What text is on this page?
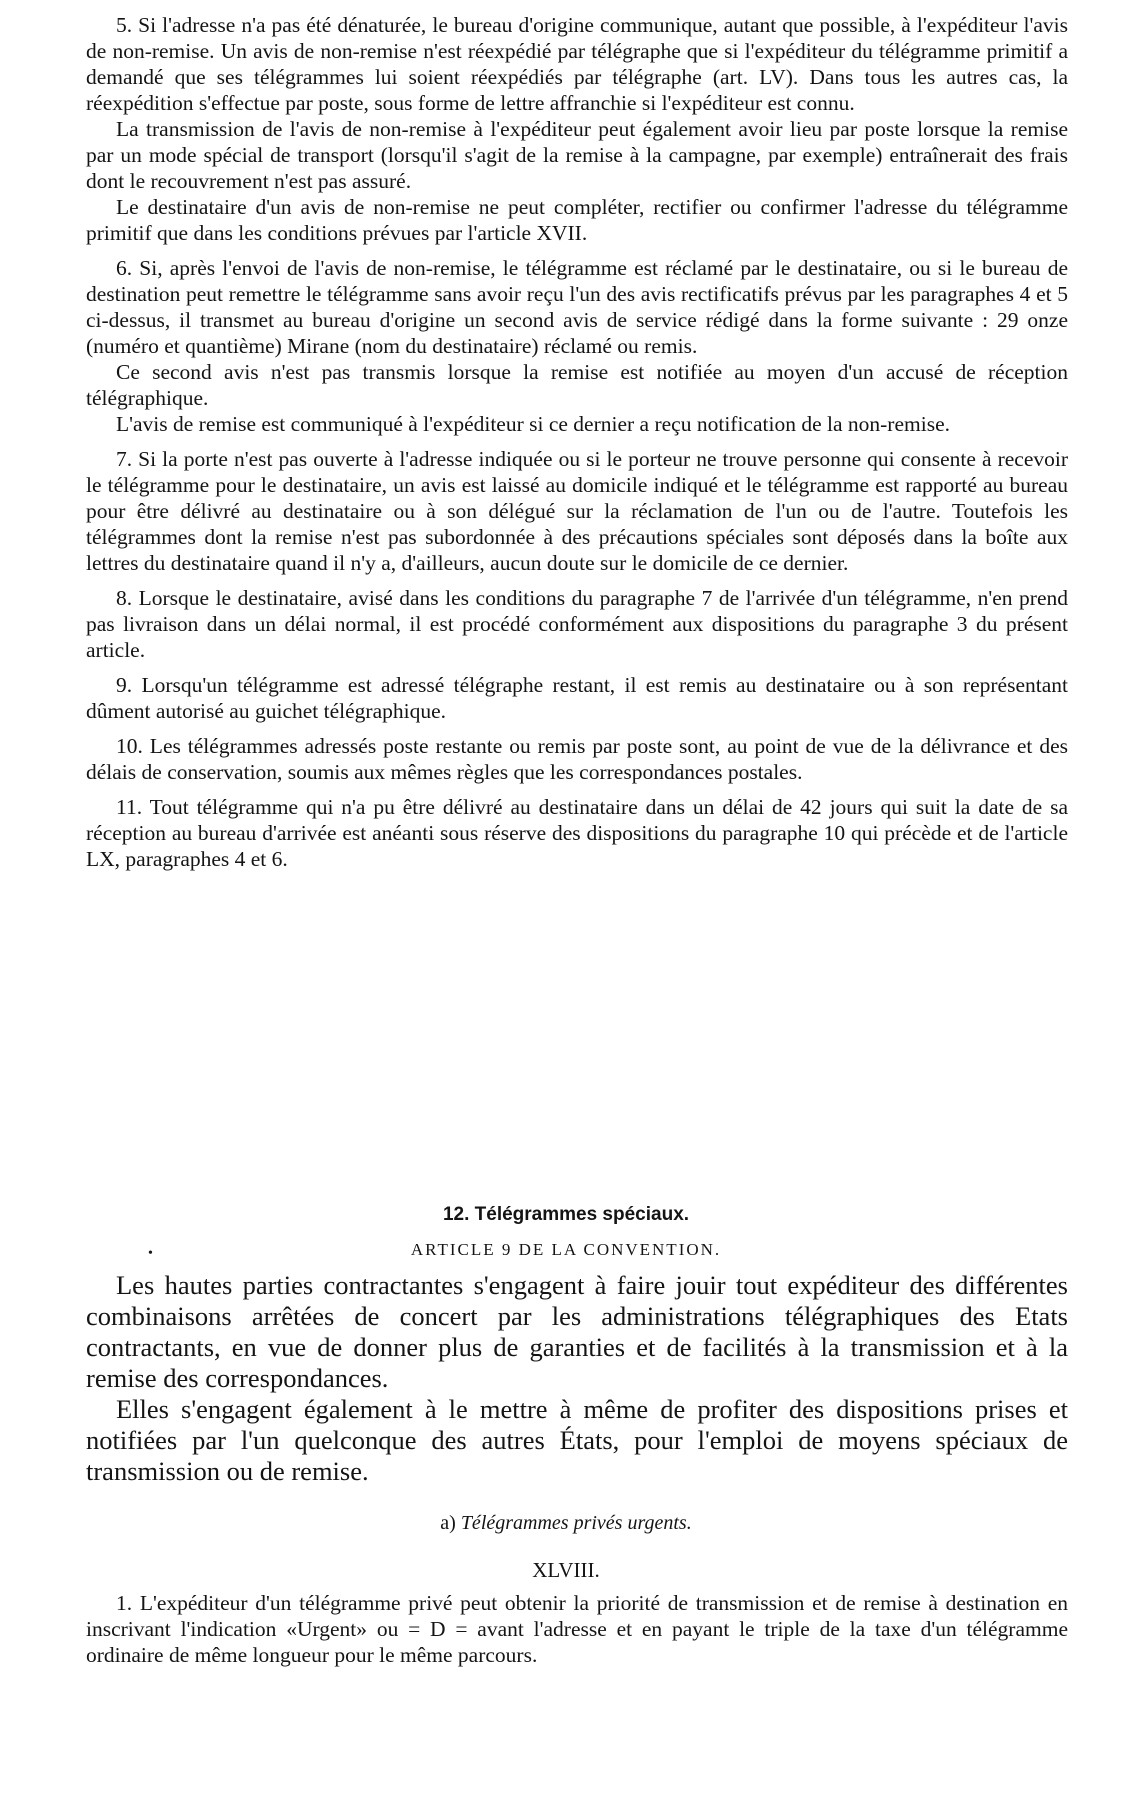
5. Si l'adresse n'a pas été dénaturée, le bureau d'origine communique, autant que possible, à l'expéditeur l'avis de non-remise. Un avis de non-remise n'est réexpédié par télégraphe que si l'expéditeur du télégramme primitif a demandé que ses télégrammes lui soient réexpédiés par télégraphe (art. LV). Dans tous les autres cas, la réexpédition s'effectue par poste, sous forme de lettre affranchie si l'expéditeur est connu.

La transmission de l'avis de non-remise à l'expéditeur peut également avoir lieu par poste lorsque la remise par un mode spécial de transport (lorsqu'il s'agit de la remise à la campagne, par exemple) entraînerait des frais dont le recouvrement n'est pas assuré.

Le destinataire d'un avis de non-remise ne peut compléter, rectifier ou confirmer l'adresse du télégramme primitif que dans les conditions prévues par l'article XVII.

6. Si, après l'envoi de l'avis de non-remise, le télégramme est réclamé par le destinataire, ou si le bureau de destination peut remettre le télégramme sans avoir reçu l'un des avis rectificatifs prévus par les paragraphes 4 et 5 ci-dessus, il transmet au bureau d'origine un second avis de service rédigé dans la forme suivante : 29 onze (numéro et quantième) Mirane (nom du destinataire) réclamé ou remis.

Ce second avis n'est pas transmis lorsque la remise est notifiée au moyen d'un accusé de réception télégraphique.

L'avis de remise est communiqué à l'expéditeur si ce dernier a reçu notification de la non-remise.

7. Si la porte n'est pas ouverte à l'adresse indiquée ou si le porteur ne trouve personne qui consente à recevoir le télégramme pour le destinataire, un avis est laissé au domicile indiqué et le télégramme est rapporté au bureau pour être délivré au destinataire ou à son délégué sur la réclamation de l'un ou de l'autre. Toutefois les télégrammes dont la remise n'est pas subordonnée à des précautions spéciales sont déposés dans la boîte aux lettres du destinataire quand il n'y a, d'ailleurs, aucun doute sur le domicile de ce dernier.

8. Lorsque le destinataire, avisé dans les conditions du paragraphe 7 de l'arrivée d'un télégramme, n'en prend pas livraison dans un délai normal, il est procédé conformément aux dispositions du paragraphe 3 du présent article.

9. Lorsqu'un télégramme est adressé télégraphe restant, il est remis au destinataire ou à son représentant dûment autorisé au guichet télégraphique.

10. Les télégrammes adressés poste restante ou remis par poste sont, au point de vue de la délivrance et des délais de conservation, soumis aux mêmes règles que les correspondances postales.

11. Tout télégramme qui n'a pu être délivré au destinataire dans un délai de 42 jours qui suit la date de sa réception au bureau d'arrivée est anéanti sous réserve des dispositions du paragraphe 10 qui précède et de l'article LX, paragraphes 4 et 6.

12. Télégrammes spéciaux.
•	ARTICLE 9 DE LA CONVENTION.

Les hautes parties contractantes s'engagent à faire jouir tout expéditeur des différentes combinaisons arrêtées de concert par les administrations télégraphiques des Etats contractants, en vue de donner plus de garanties et de facilités à la transmission et à la remise des correspondances.

Elles s'engagent également à le mettre à même de profiter des dispositions prises et notifiées par l'un quelconque des autres États, pour l'emploi de moyens spéciaux de transmission ou de remise.

a) Télégrammes privés urgents.
XLVIII.

1. L'expéditeur d'un télégramme privé peut obtenir la priorité de transmission et de remise à destination en inscrivant l'indication «Urgent» ou = D = avant l'adresse et en payant le triple de la taxe d'un télégramme ordinaire de même longueur pour le même parcours.
